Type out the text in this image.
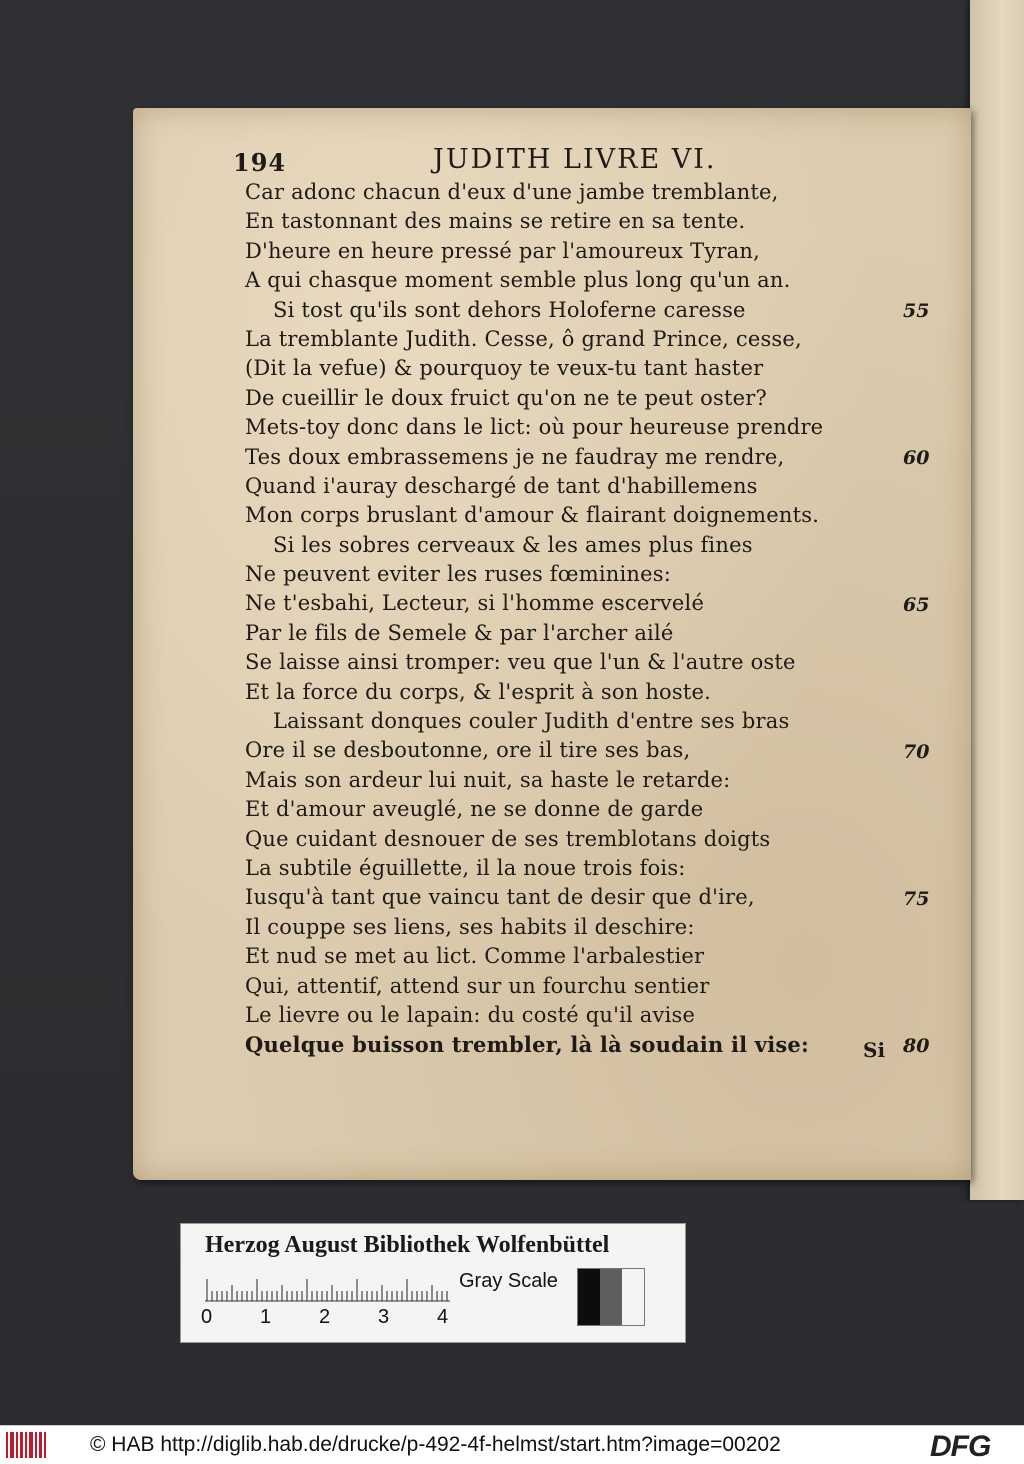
194	JUDITH LIVRE VI.
Car adonc chacun d'eux d'une jambe tremblante,
En tastonnant des mains se retire en sa tente.
D'heure en heure pressé par l'amoureux Tyran,
A qui chasque moment semble plus long qu'un an.
Si tost qu'ils sont dehors Holoferne caresse
La tremblante Judith. Cesse, ô grand Prince, cesse,
(Dit la vefue) & pourquoy te veux-tu tant haster
De cueillir le doux fruict qu'on ne te peut oster?
Mets-toy donc dans le lict: où pour heureuse prendre
Tes doux embrassemens je ne faudray me rendre,
Quand i'auray deschargé de tant d'habillemens
Mon corps bruslant d'amour & flairant doignements.
Si les sobres cerveaux & les ames plus fines
Ne peuvent eviter les ruses fœminines:
Ne t'esbahi, Lecteur, si l'homme escervelé
Par le fils de Semele & par l'archer ailé
Se laisse ainsi tromper: veu que l'un & l'autre oste
Et la force du corps, & l'esprit à son hoste.
Laissant donques couler Judith d'entre ses bras
Ore il se desboutonne, ore il tire ses bas,
Mais son ardeur lui nuit, sa haste le retarde:
Et d'amour aveuglé, ne se donne de garde
Que cuidant desnouer de ses tremblotans doigts
La subtile éguillette, il la noue trois fois:
Iusqu'à tant que vaincu tant de desir que d'ire,
Il couppe ses liens, ses habits il deschire:
Et nud se met au lict. Comme l'arbalestier
Qui, attentif, attend sur un fourchu sentier
Le lievre ou le lapain: du costé qu'il avise
Quelque buisson trembler, là là soudain il vise:	Si
55
60
65
70
75
80
Herzog August Bibliothek Wolfenbüttel
0 1 2 3 4
Gray Scale
© HAB http://diglib.hab.de/drucke/p-492-4f-helmst/start.htm?image=00202	DFG
